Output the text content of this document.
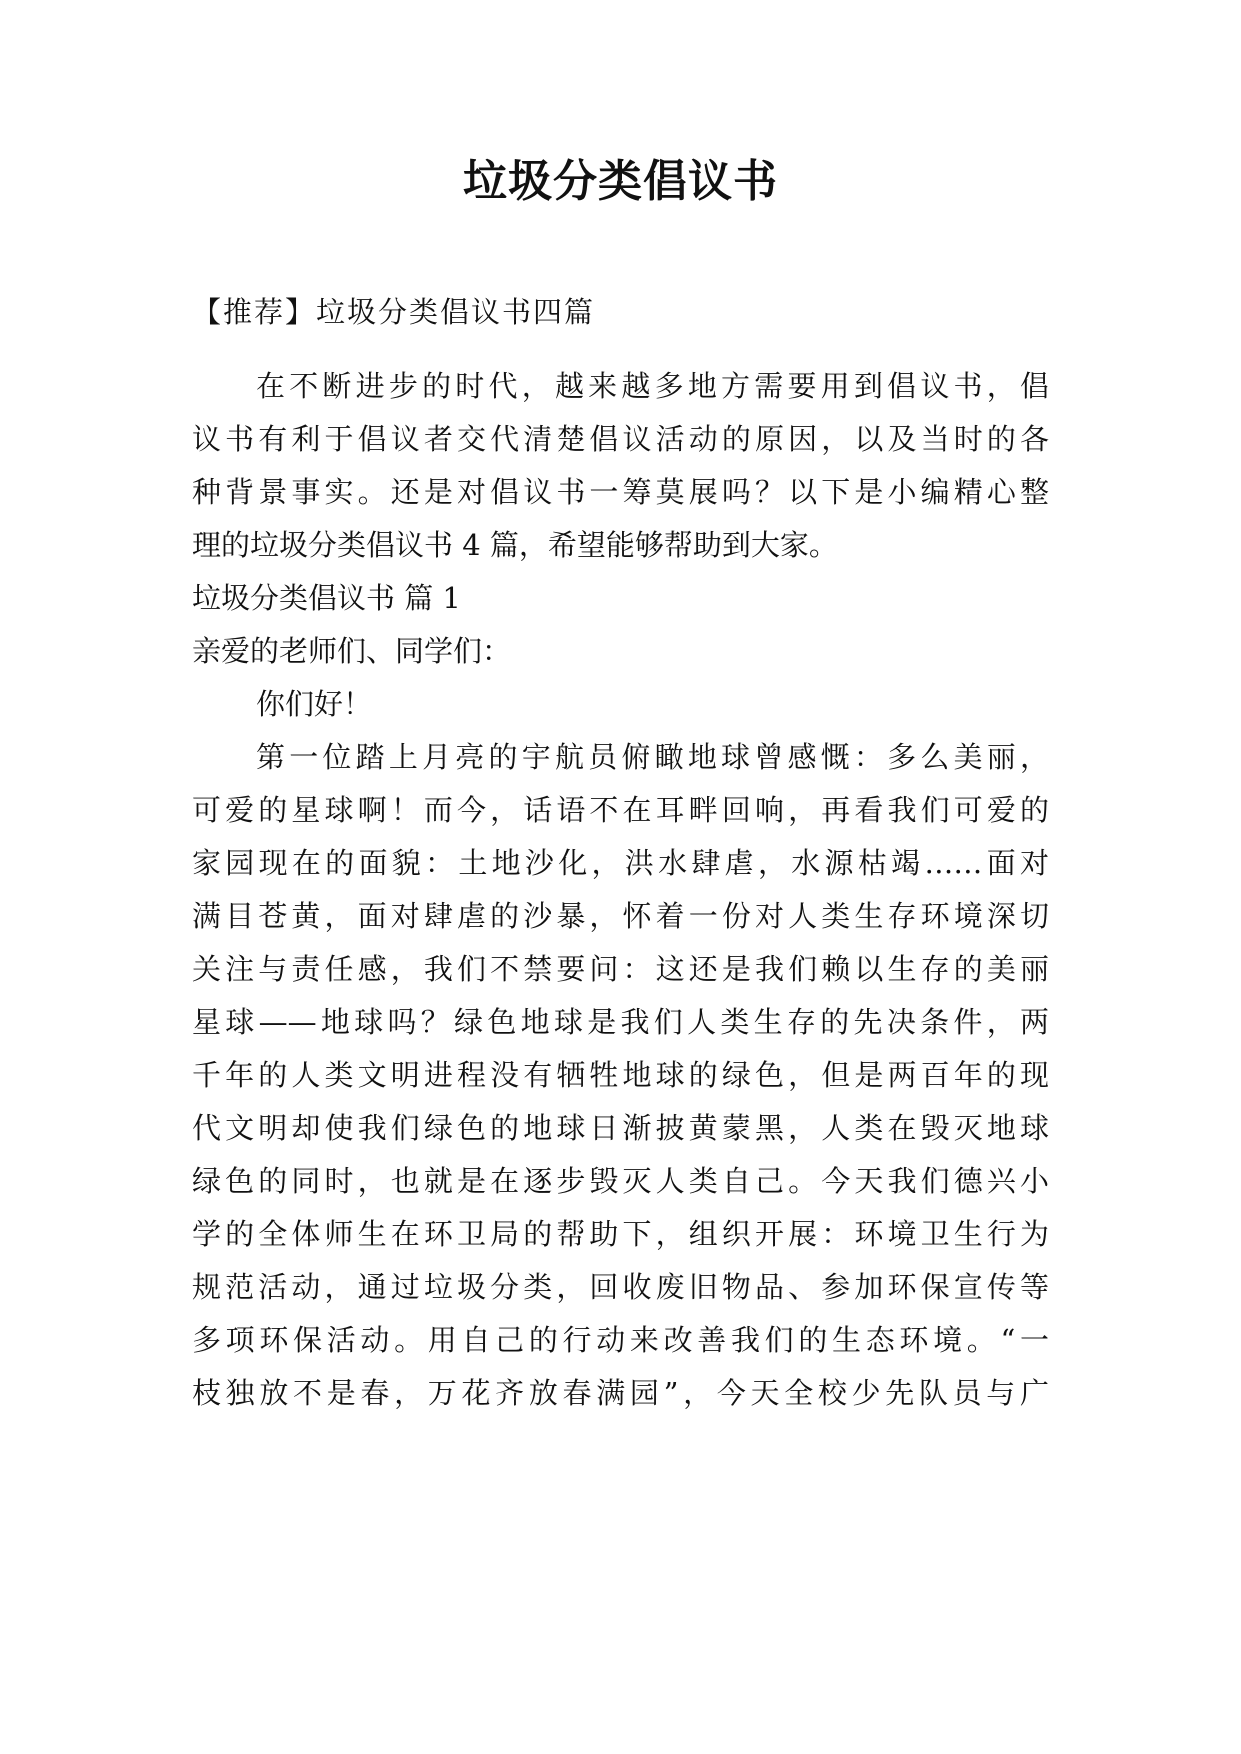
垃圾分类倡议书
【推荐】垃圾分类倡议书四篇
在不断进步的时代，越来越多地方需要用到倡议书，倡
议书有利于倡议者交代清楚倡议活动的原因，以及当时的各
种背景事实。还是对倡议书一筹莫展吗？以下是小编精心整
理的垃圾分类倡议书 4 篇，希望能够帮助到大家。
垃圾分类倡议书 篇 1
亲爱的老师们、同学们：
你们好！
第一位踏上月亮的宇航员俯瞰地球曾感慨：多么美丽，
可爱的星球啊！而今，话语不在耳畔回响，再看我们可爱的
家园现在的面貌：土地沙化，洪水肆虐，水源枯竭……面对
满目苍黄，面对肆虐的沙暴，怀着一份对人类生存环境深切
关注与责任感，我们不禁要问：这还是我们赖以生存的美丽
星球——地球吗？绿色地球是我们人类生存的先决条件，两
千年的人类文明进程没有牺牲地球的绿色，但是两百年的现
代文明却使我们绿色的地球日渐披黄蒙黑，人类在毁灭地球
绿色的同时，也就是在逐步毁灭人类自己。今天我们德兴小
学的全体师生在环卫局的帮助下，组织开展：环境卫生行为
规范活动，通过垃圾分类，回收废旧物品、参加环保宣传等
多项环保活动。用自己的行动来改善我们的生态环境。“一
枝独放不是春，万花齐放春满园”，今天全校少先队员与广
